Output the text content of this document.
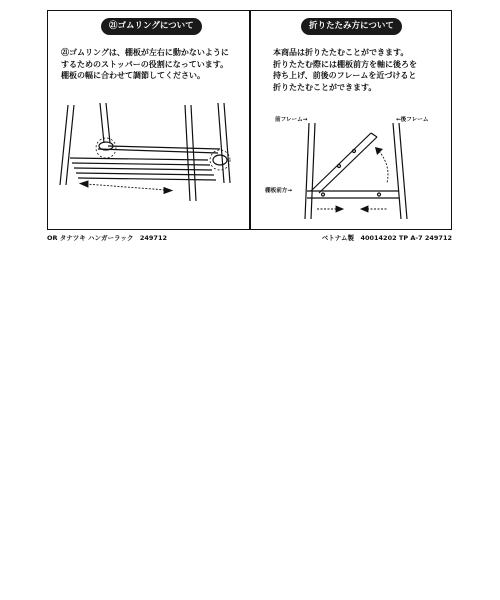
㉑ゴムリングについて
㉑ゴムリングは、棚板が左右に動かないように
するためのストッパーの役割になっています。
棚板の幅に合わせて調節してください。
折りたたみ方について
本商品は折りたたむことができます。
折りたたむ際には棚板前方を軸に後ろを
持ち上げ、前後のフレームを近づけると
折りたたむことができます。
前フレーム→	←後フレーム
棚板前方→
OR タナツキ ハンガーラック　249712	ベトナム製　40014202 TP A-7 249712
